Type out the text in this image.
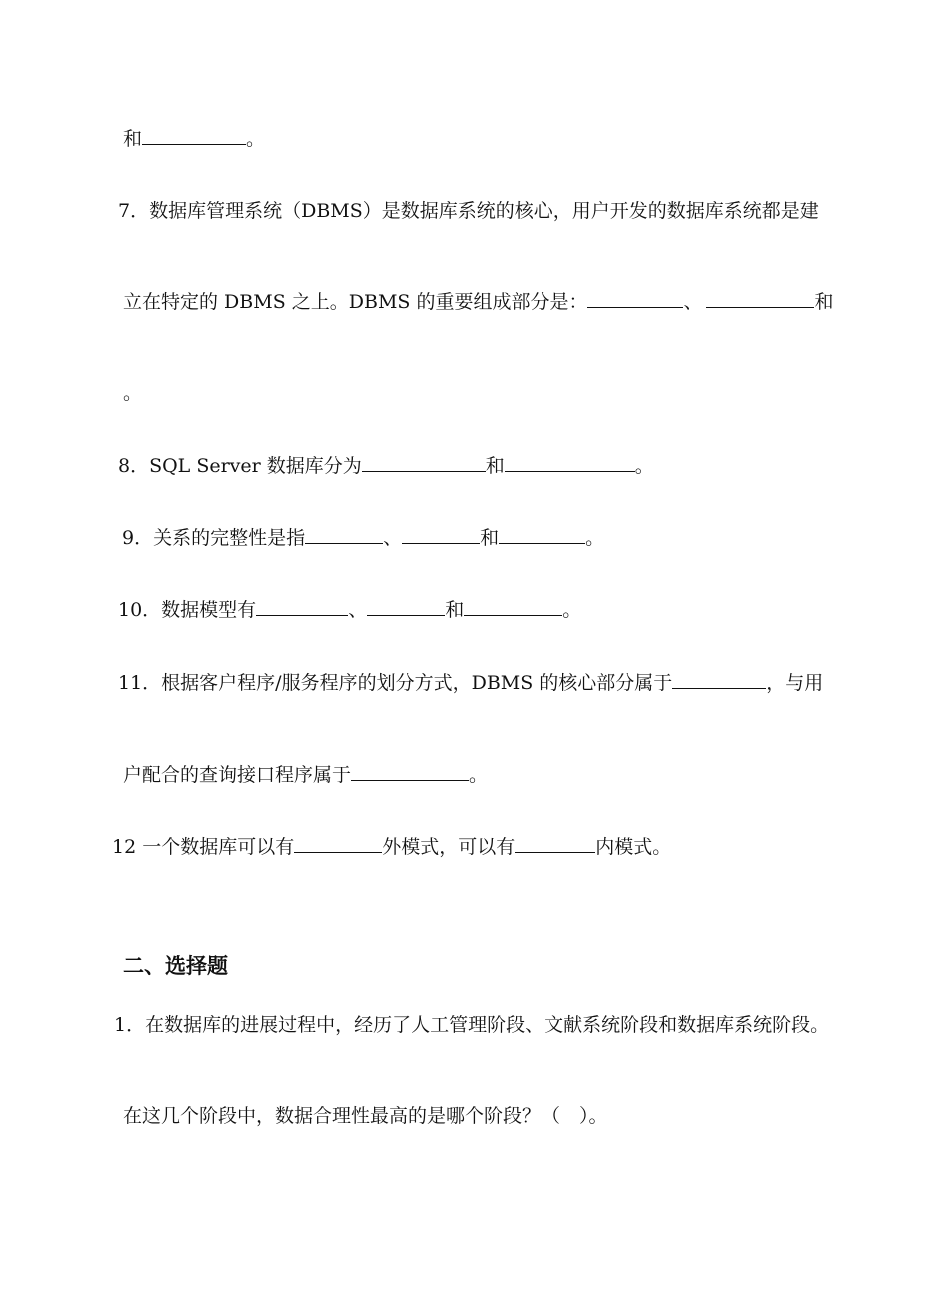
和	。
7．数据库管理系统（DBMS）是数据库系统的核心，用户开发的数据库系统都是建
立在特定的 DBMS 之上。DBMS 的重要组成部分是：	、	和
。
8．SQL Server 数据库分为	和	。
9．关系的完整性是指	、	和	。
10．数据模型有	、	和	。
11．根据客户程序/服务程序的划分方式，DBMS 的核心部分属于	，与用
户配合的查询接口程序属于	。
12 一个数据库可以有	外模式，可以有	内模式。
二、选择题
1．在数据库的进展过程中，经历了人工管理阶段、文献系统阶段和数据库系统阶段。
在这几个阶段中，数据合理性最高的是哪个阶段？（　）。
